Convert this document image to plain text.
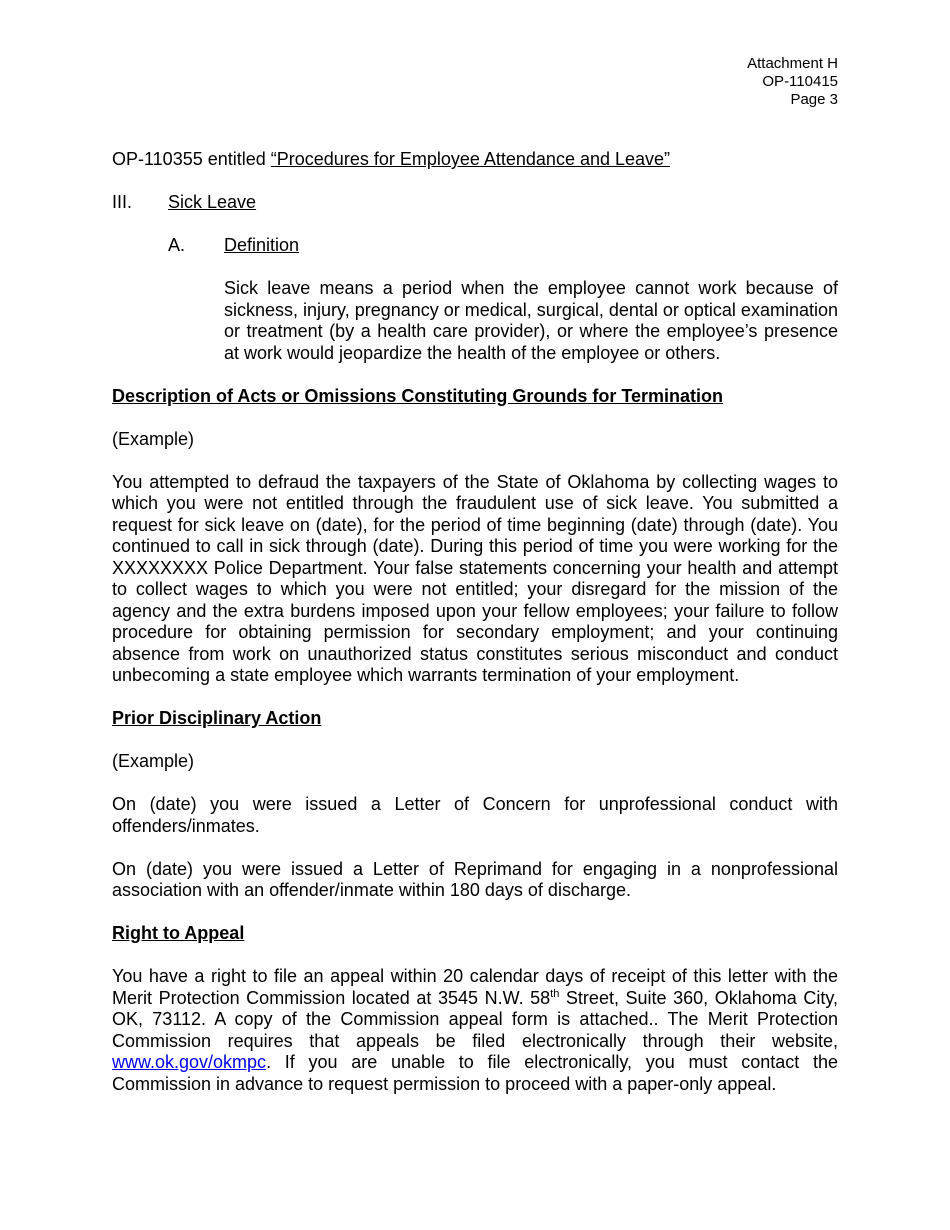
Attachment H
OP-110415
Page 3

OP-110355 entitled “Procedures for Employee Attendance and Leave”

III.	Sick Leave
A.	Definition

Sick leave means a period when the employee cannot work because of sickness, injury, pregnancy or medical, surgical, dental or optical examination or treatment (by a health care provider), or where the employee’s presence at work would jeopardize the health of the employee or others.

Description of Acts or Omissions Constituting Grounds for Termination

(Example)

You attempted to defraud the taxpayers of the State of Oklahoma by collecting wages to which you were not entitled through the fraudulent use of sick leave. You submitted a request for sick leave on (date), for the period of time beginning (date) through (date). You continued to call in sick through (date). During this period of time you were working for the XXXXXXXX Police Department. Your false statements concerning your health and attempt to collect wages to which you were not entitled; your disregard for the mission of the agency and the extra burdens imposed upon your fellow employees; your failure to follow procedure for obtaining permission for secondary employment; and your continuing absence from work on unauthorized status constitutes serious misconduct and conduct unbecoming a state employee which warrants termination of your employment.

Prior Disciplinary Action

(Example)

On (date) you were issued a Letter of Concern for unprofessional conduct with offenders/inmates.

On (date) you were issued a Letter of Reprimand for engaging in a nonprofessional association with an offender/inmate within 180 days of discharge.

Right to Appeal

You have a right to file an appeal within 20 calendar days of receipt of this letter with the Merit Protection Commission located at 3545 N.W. 58th Street, Suite 360, Oklahoma City, OK, 73112. A copy of the Commission appeal form is attached.. The Merit Protection Commission requires that appeals be filed electronically through their website, www.ok.gov/okmpc. If you are unable to file electronically, you must contact the Commission in advance to request permission to proceed with a paper-only appeal.
